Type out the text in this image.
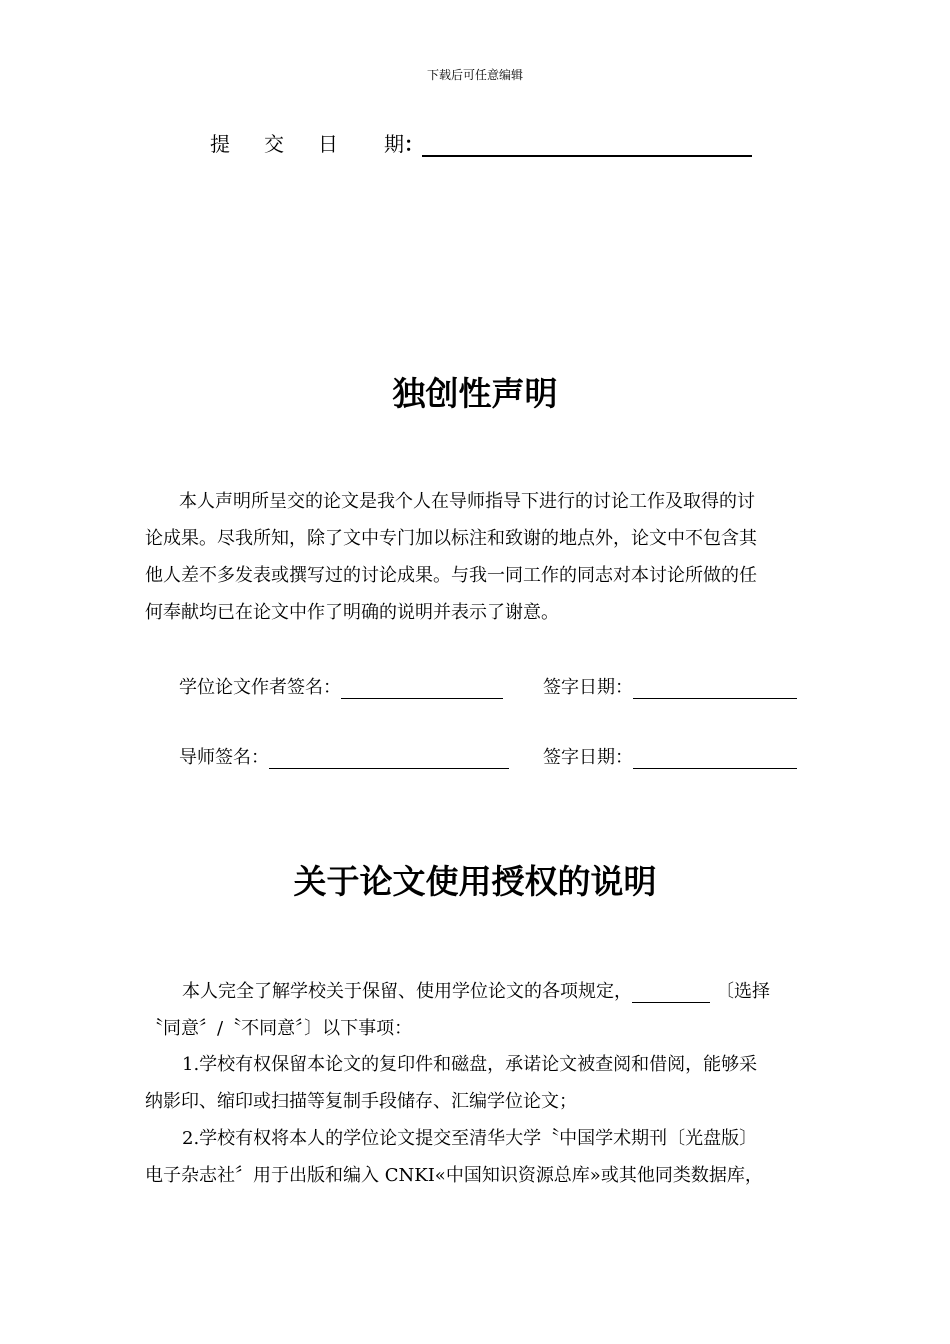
下载后可任意编辑
提交日 期 ：
独创性声明
本人声明所呈交的论文是我个人在导师指导下进行的讨论工作及取得的讨
论成果。尽我所知，除了文中专门加以标注和致谢的地点外，论文中不包含其
他人差不多发表或撰写过的讨论成果。与我一同工作的同志对本讨论所做的任
何奉献均已在论文中作了明确的说明并表示了谢意。
学位论文作者签名：	签字日期：
导师签名：	签字日期：
关于论文使用授权的说明
本人完全了解学校关于保留、使用学位论文的各项规定，	〔选择
〝同意〞/〝不同意〞〕以下事项：
1.学校有权保留本论文的复印件和磁盘，承诺论文被查阅和借阅，能够采
纳影印、缩印或扫描等复制手段储存、汇编学位论文；
2.学校有权将本人的学位论文提交至清华大学〝中国学术期刊〔光盘版〕
电子杂志社〞用于出版和编入 CNKI«中国知识资源总库»或其他同类数据库，
